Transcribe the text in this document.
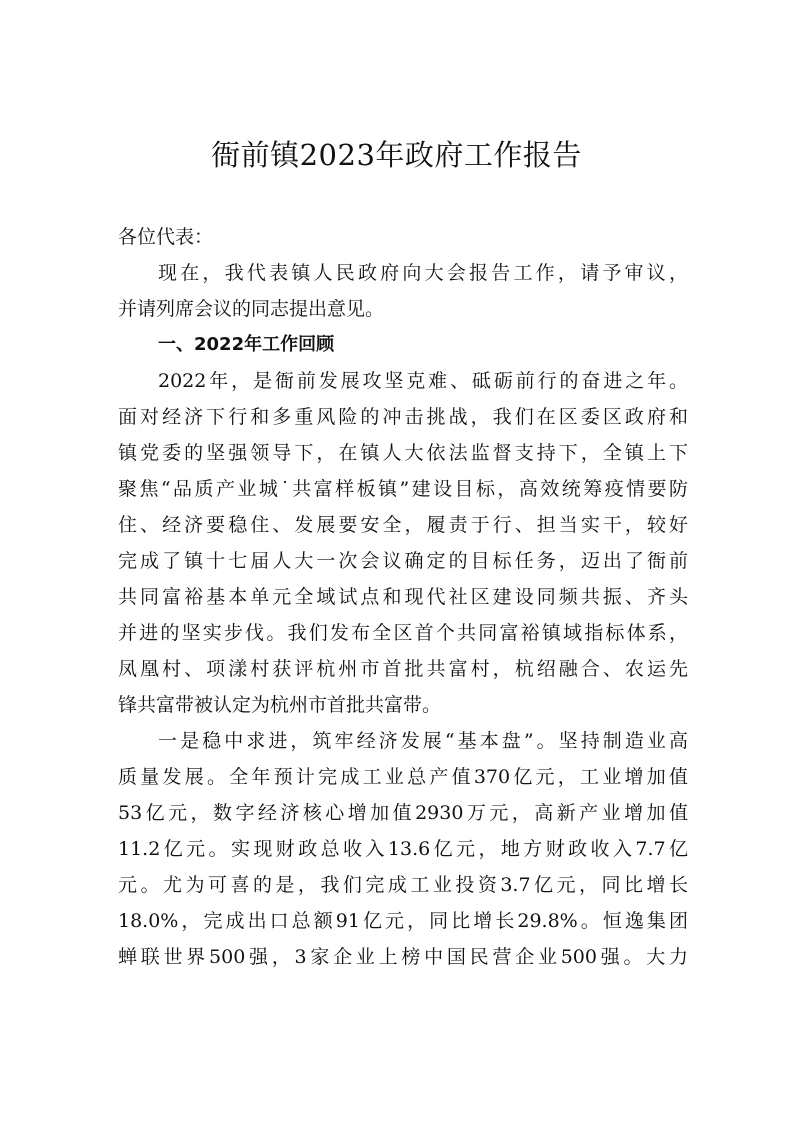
衙前镇2023年政府工作报告
各位代表：
现在，我代表镇人民政府向大会报告工作，请予审议，
并请列席会议的同志提出意见。
一、2022年工作回顾
2022年，是衙前发展攻坚克难、砥砺前行的奋进之年。
面对经济下行和多重风险的冲击挑战，我们在区委区政府和
镇党委的坚强领导下，在镇人大依法监督支持下，全镇上下
聚焦“品质产业城˙共富样板镇”建设目标，高效统筹疫情要防
住、经济要稳住、发展要安全，履责于行、担当实干，较好
完成了镇十七届人大一次会议确定的目标任务，迈出了衙前
共同富裕基本单元全域试点和现代社区建设同频共振、齐头
并进的坚实步伐。我们发布全区首个共同富裕镇域指标体系，
凤凰村、项漾村获评杭州市首批共富村，杭绍融合、农运先
锋共富带被认定为杭州市首批共富带。
一是稳中求进，筑牢经济发展“基本盘”。坚持制造业高
质量发展。全年预计完成工业总产值370亿元，工业增加值
53亿元，数字经济核心增加值2930万元，高新产业增加值
11.2亿元。实现财政总收入13.6亿元，地方财政收入7.7亿
元。尤为可喜的是，我们完成工业投资3.7亿元，同比增长
18.0%，完成出口总额91亿元，同比增长29.8%。恒逸集团
蝉联世界500强，3家企业上榜中国民营企业500强。大力
